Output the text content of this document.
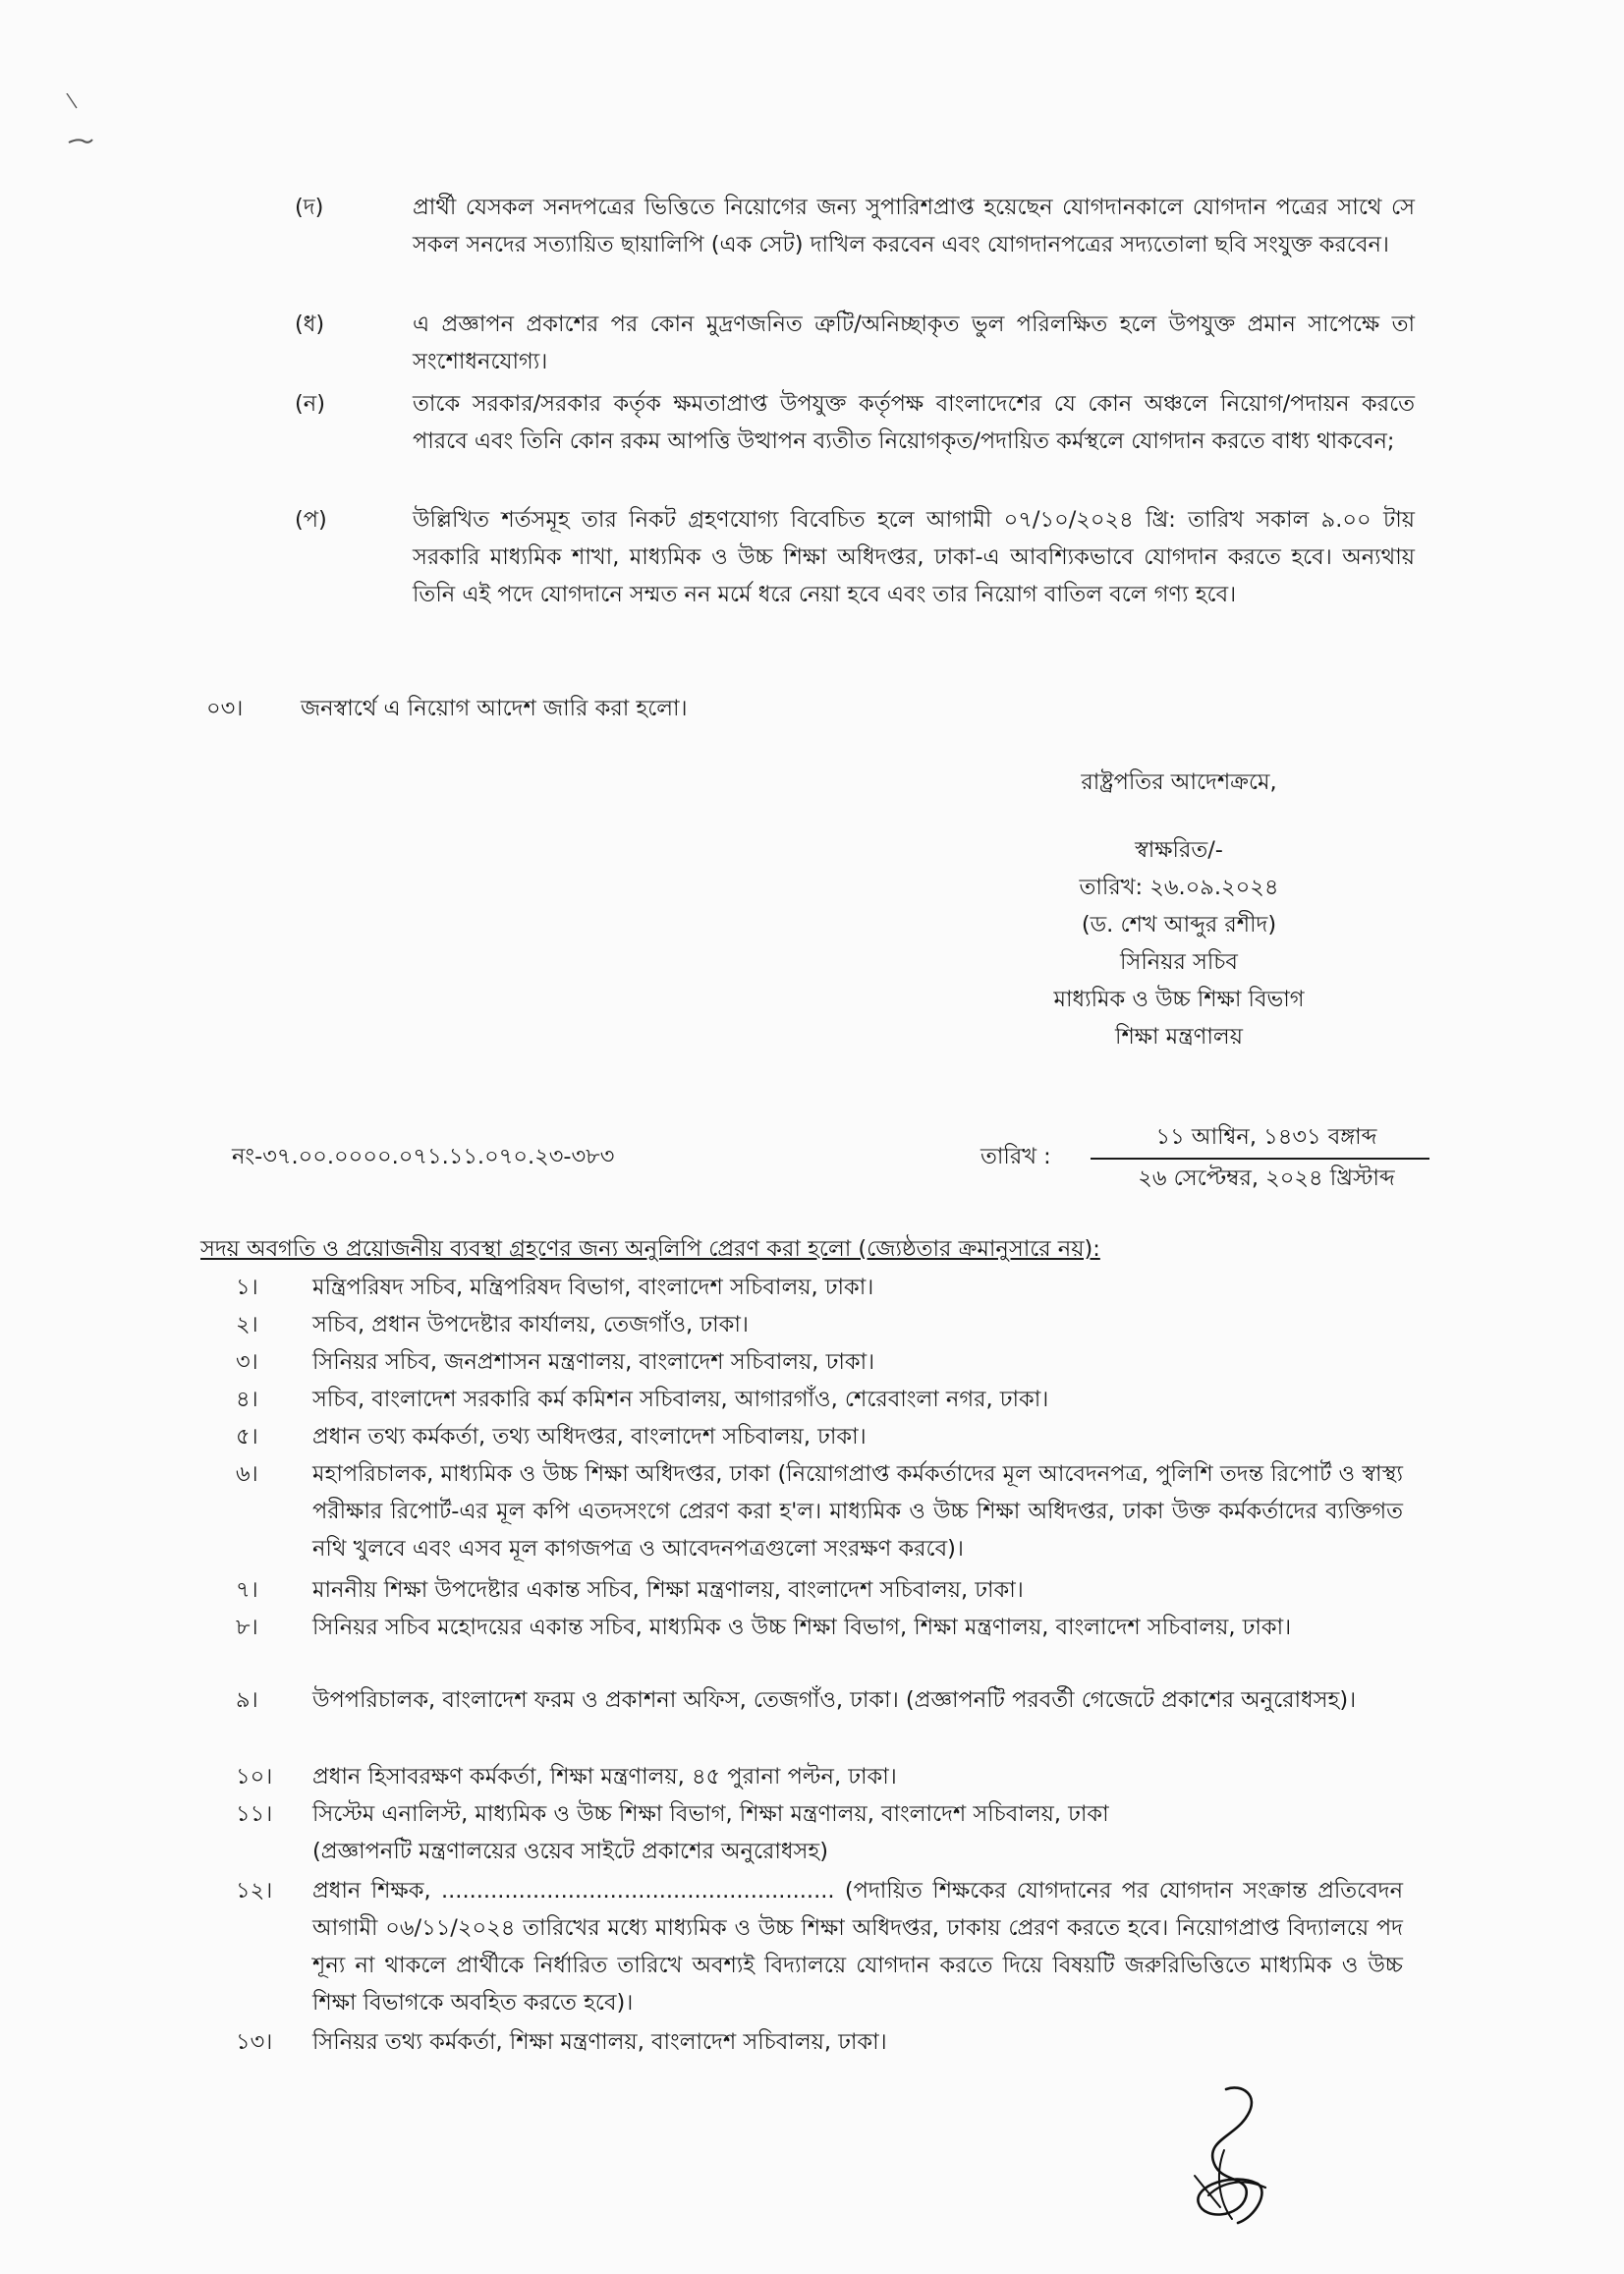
(দ)	প্রার্থী যেসকল সনদপত্রের ভিত্তিতে নিয়োগের জন্য সুপারিশপ্রাপ্ত হয়েছেন যোগদানকালে যোগদান পত্রের সাথে সে সকল সনদের সত্যায়িত ছায়ালিপি (এক সেট) দাখিল করবেন এবং যোগদানপত্রের সদ্যতোলা ছবি সংযুক্ত করবেন।
(ধ)	এ প্রজ্ঞাপন প্রকাশের পর কোন মুদ্রণজনিত ত্রুটি/অনিচ্ছাকৃত ভুল পরিলক্ষিত হলে উপযুক্ত প্রমান সাপেক্ষে তা সংশোধনযোগ্য।
(ন)	তাকে সরকার/সরকার কর্তৃক ক্ষমতাপ্রাপ্ত উপযুক্ত কর্তৃপক্ষ বাংলাদেশের যে কোন অঞ্চলে নিয়োগ/পদায়ন করতে পারবে এবং তিনি কোন রকম আপত্তি উত্থাপন ব্যতীত নিয়োগকৃত/পদায়িত কর্মস্থলে যোগদান করতে বাধ্য থাকবেন;
(প)	উল্লিখিত শর্তসমূহ তার নিকট গ্রহণযোগ্য বিবেচিত হলে আগামী ০৭/১০/২০২৪ খ্রি: তারিখ সকাল ৯.০০ টায় সরকারি মাধ্যমিক শাখা, মাধ্যমিক ও উচ্চ শিক্ষা অধিদপ্তর, ঢাকা-এ আবশ্যিকভাবে যোগদান করতে হবে। অন্যথায় তিনি এই পদে যোগদানে সম্মত নন মর্মে ধরে নেয়া হবে এবং তার নিয়োগ বাতিল বলে গণ্য হবে।
০৩।	জনস্বার্থে এ নিয়োগ আদেশ জারি করা হলো।
রাষ্ট্রপতির আদেশক্রমে,
স্বাক্ষরিত/-
তারিখ: ২৬.০৯.২০২৪
(ড. শেখ আব্দুর রশীদ)
সিনিয়র সচিব
মাধ্যমিক ও উচ্চ শিক্ষা বিভাগ
শিক্ষা মন্ত্রণালয়
নং-৩৭.০০.০০০০.০৭১.১১.০৭০.২৩-৩৮৩	তারিখ :
১১ আশ্বিন, ১৪৩১ বঙ্গাব্দ
২৬ সেপ্টেম্বর, ২০২৪ খ্রিস্টাব্দ
সদয় অবগতি ও প্রয়োজনীয় ব্যবস্থা গ্রহণের জন্য অনুলিপি প্রেরণ করা হলো (জ্যেষ্ঠতার ক্রমানুসারে নয়):
১।	মন্ত্রিপরিষদ সচিব, মন্ত্রিপরিষদ বিভাগ, বাংলাদেশ সচিবালয়, ঢাকা।
২।	সচিব, প্রধান উপদেষ্টার কার্যালয়, তেজগাঁও, ঢাকা।
৩।	সিনিয়র সচিব, জনপ্রশাসন মন্ত্রণালয়, বাংলাদেশ সচিবালয়, ঢাকা।
৪।	সচিব, বাংলাদেশ সরকারি কর্ম কমিশন সচিবালয়, আগারগাঁও, শেরেবাংলা নগর, ঢাকা।
৫।	প্রধান তথ্য কর্মকর্তা, তথ্য অধিদপ্তর, বাংলাদেশ সচিবালয়, ঢাকা।
৬।	মহাপরিচালক, মাধ্যমিক ও উচ্চ শিক্ষা অধিদপ্তর, ঢাকা (নিয়োগপ্রাপ্ত কর্মকর্তাদের মূল আবেদনপত্র, পুলিশি তদন্ত রিপোর্ট ও স্বাস্থ্য পরীক্ষার রিপোর্ট-এর মূল কপি এতদসংগে প্রেরণ করা হ'ল। মাধ্যমিক ও উচ্চ শিক্ষা অধিদপ্তর, ঢাকা উক্ত কর্মকর্তাদের ব্যক্তিগত নথি খুলবে এবং এসব মূল কাগজপত্র ও আবেদনপত্রগুলো সংরক্ষণ করবে)।
৭।	মাননীয় শিক্ষা উপদেষ্টার একান্ত সচিব, শিক্ষা মন্ত্রণালয়, বাংলাদেশ সচিবালয়, ঢাকা।
৮।	সিনিয়র সচিব মহোদয়ের একান্ত সচিব, মাধ্যমিক ও উচ্চ শিক্ষা বিভাগ, শিক্ষা মন্ত্রণালয়, বাংলাদেশ সচিবালয়, ঢাকা।
৯।	উপপরিচালক, বাংলাদেশ ফরম ও প্রকাশনা অফিস, তেজগাঁও, ঢাকা। (প্রজ্ঞাপনটি পরবর্তী গেজেটে প্রকাশের অনুরোধসহ)।
১০।	প্রধান হিসাবরক্ষণ কর্মকর্তা, শিক্ষা মন্ত্রণালয়, ৪৫ পুরানা পল্টন, ঢাকা।
১১।	সিস্টেম এনালিস্ট, মাধ্যমিক ও উচ্চ শিক্ষা বিভাগ, শিক্ষা মন্ত্রণালয়, বাংলাদেশ সচিবালয়, ঢাকা
(প্রজ্ঞাপনটি মন্ত্রণালয়ের ওয়েব সাইটে প্রকাশের অনুরোধসহ)
১২।	প্রধান শিক্ষক, ........................................................ (পদায়িত শিক্ষকের যোগদানের পর যোগদান সংক্রান্ত প্রতিবেদন আগামী ০৬/১১/২০২৪ তারিখের মধ্যে মাধ্যমিক ও উচ্চ শিক্ষা অধিদপ্তর, ঢাকায় প্রেরণ করতে হবে। নিয়োগপ্রাপ্ত বিদ্যালয়ে পদ শূন্য না থাকলে প্রার্থীকে নির্ধারিত তারিখে অবশ্যই বিদ্যালয়ে যোগদান করতে দিয়ে বিষয়টি জরুরিভিত্তিতে মাধ্যমিক ও উচ্চ শিক্ষা বিভাগকে অবহিত করতে হবে)।
১৩।	সিনিয়র তথ্য কর্মকর্তা, শিক্ষা মন্ত্রণালয়, বাংলাদেশ সচিবালয়, ঢাকা।
